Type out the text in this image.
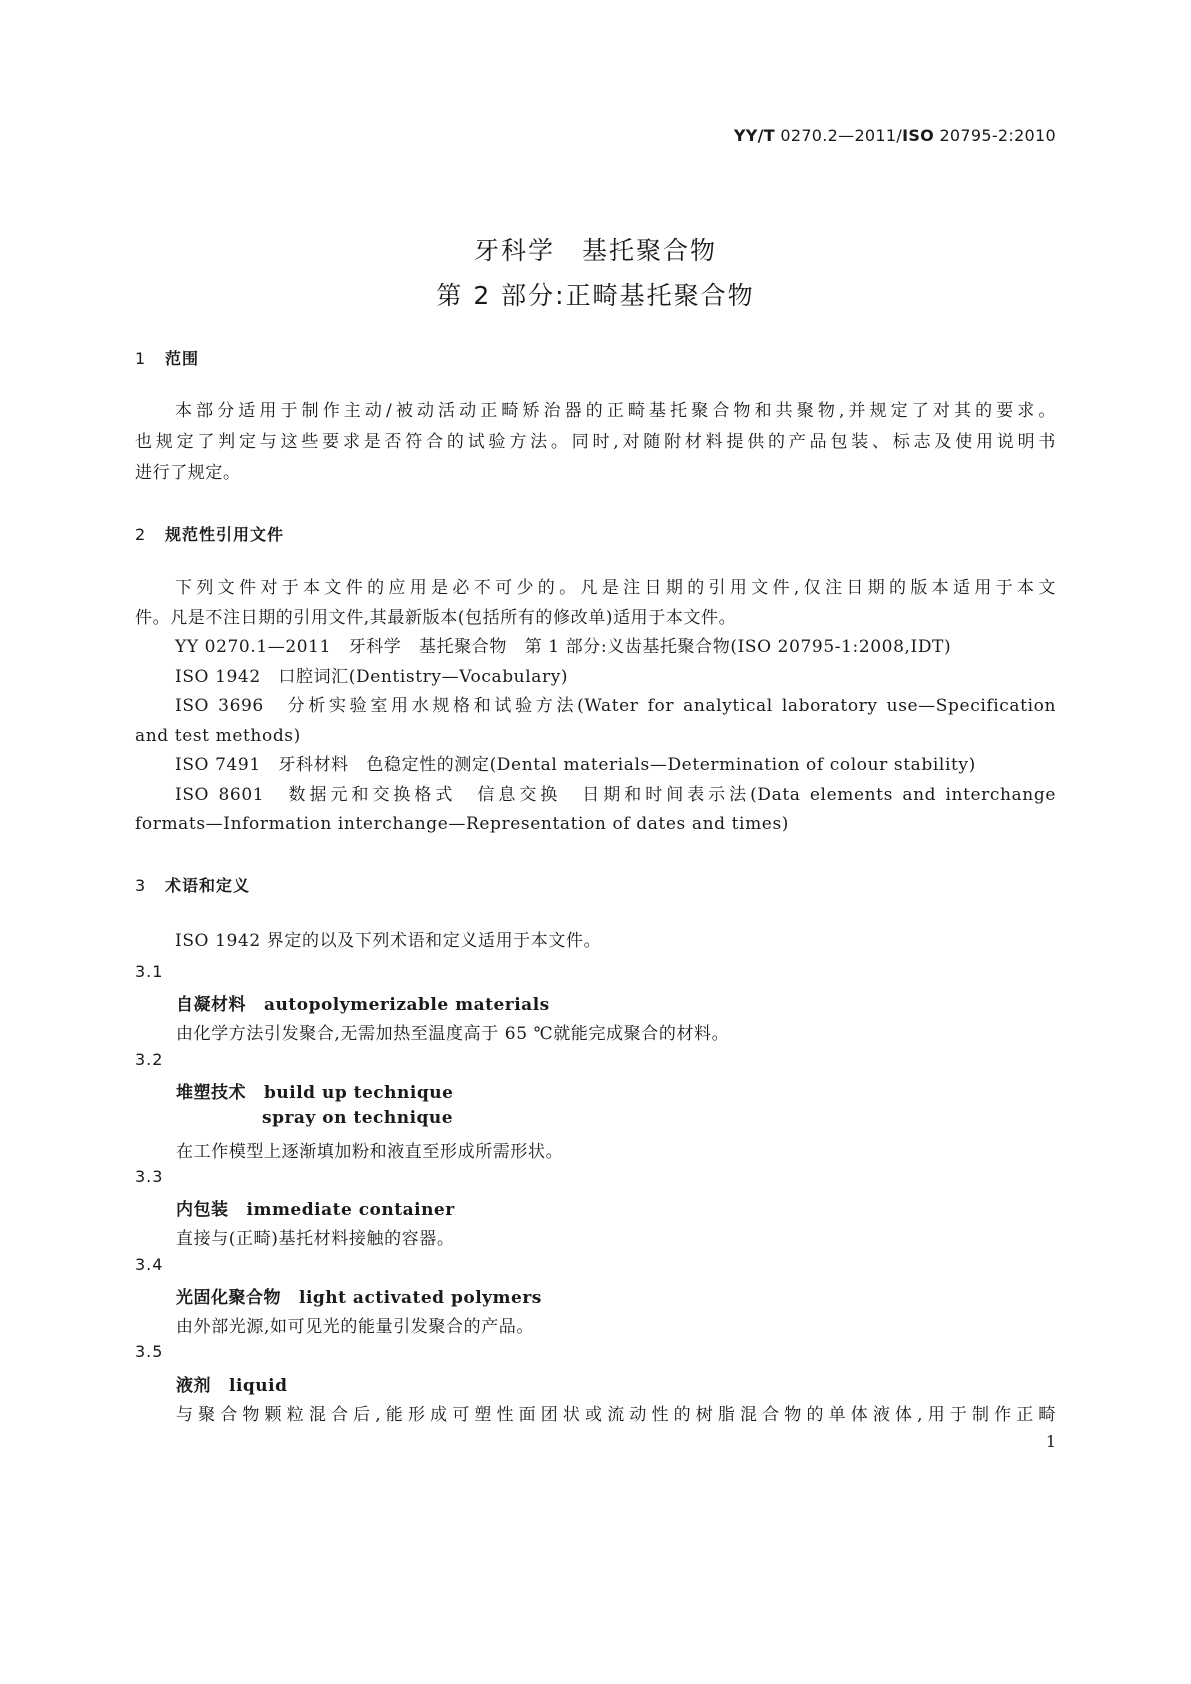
YY/T 0270.2—2011/ISO 20795-2:2010
牙科学　基托聚合物
第 2 部分:正畸基托聚合物
1 范围

本部分适用于制作主动/被动活动正畸矫治器的正畸基托聚合物和共聚物,并规定了对其的要求。

也规定了判定与这些要求是否符合的试验方法。同时,对随附材料提供的产品包装、标志及使用说明书

进行了规定。

2 规范性引用文件

下列文件对于本文件的应用是必不可少的。凡是注日期的引用文件,仅注日期的版本适用于本文

件。凡是不注日期的引用文件,其最新版本(包括所有的修改单)适用于本文件。

YY 0270.1—2011　牙科学　基托聚合物　第 1 部分:义齿基托聚合物(ISO 20795-1:2008,IDT)

ISO 1942　口腔词汇(Dentistry—Vocabulary)

ISO 3696　分析实验室用水规格和试验方法(Water for analytical laboratory use—Specification

and test methods)

ISO 7491　牙科材料　色稳定性的测定(Dental materials—Determination of colour stability)

ISO 8601　数据元和交换格式　信息交换　日期和时间表示法(Data elements and interchange

formats—Information interchange—Representation of dates and times)

3 术语和定义

ISO 1942 界定的以及下列术语和定义适用于本文件。

3.1
自凝材料 autopolymerizable materials
由化学方法引发聚合,无需加热至温度高于 65 ℃就能完成聚合的材料。
3.2
堆塑技术 build up technique
spray on technique
在工作模型上逐渐填加粉和液直至形成所需形状。
3.3
内包装 immediate container
直接与(正畸)基托材料接触的容器。
3.4
光固化聚合物 light activated polymers
由外部光源,如可见光的能量引发聚合的产品。
3.5
液剂 liquid
与聚合物颗粒混合后,能形成可塑性面团状或流动性的树脂混合物的单体液体,用于制作正畸
1
